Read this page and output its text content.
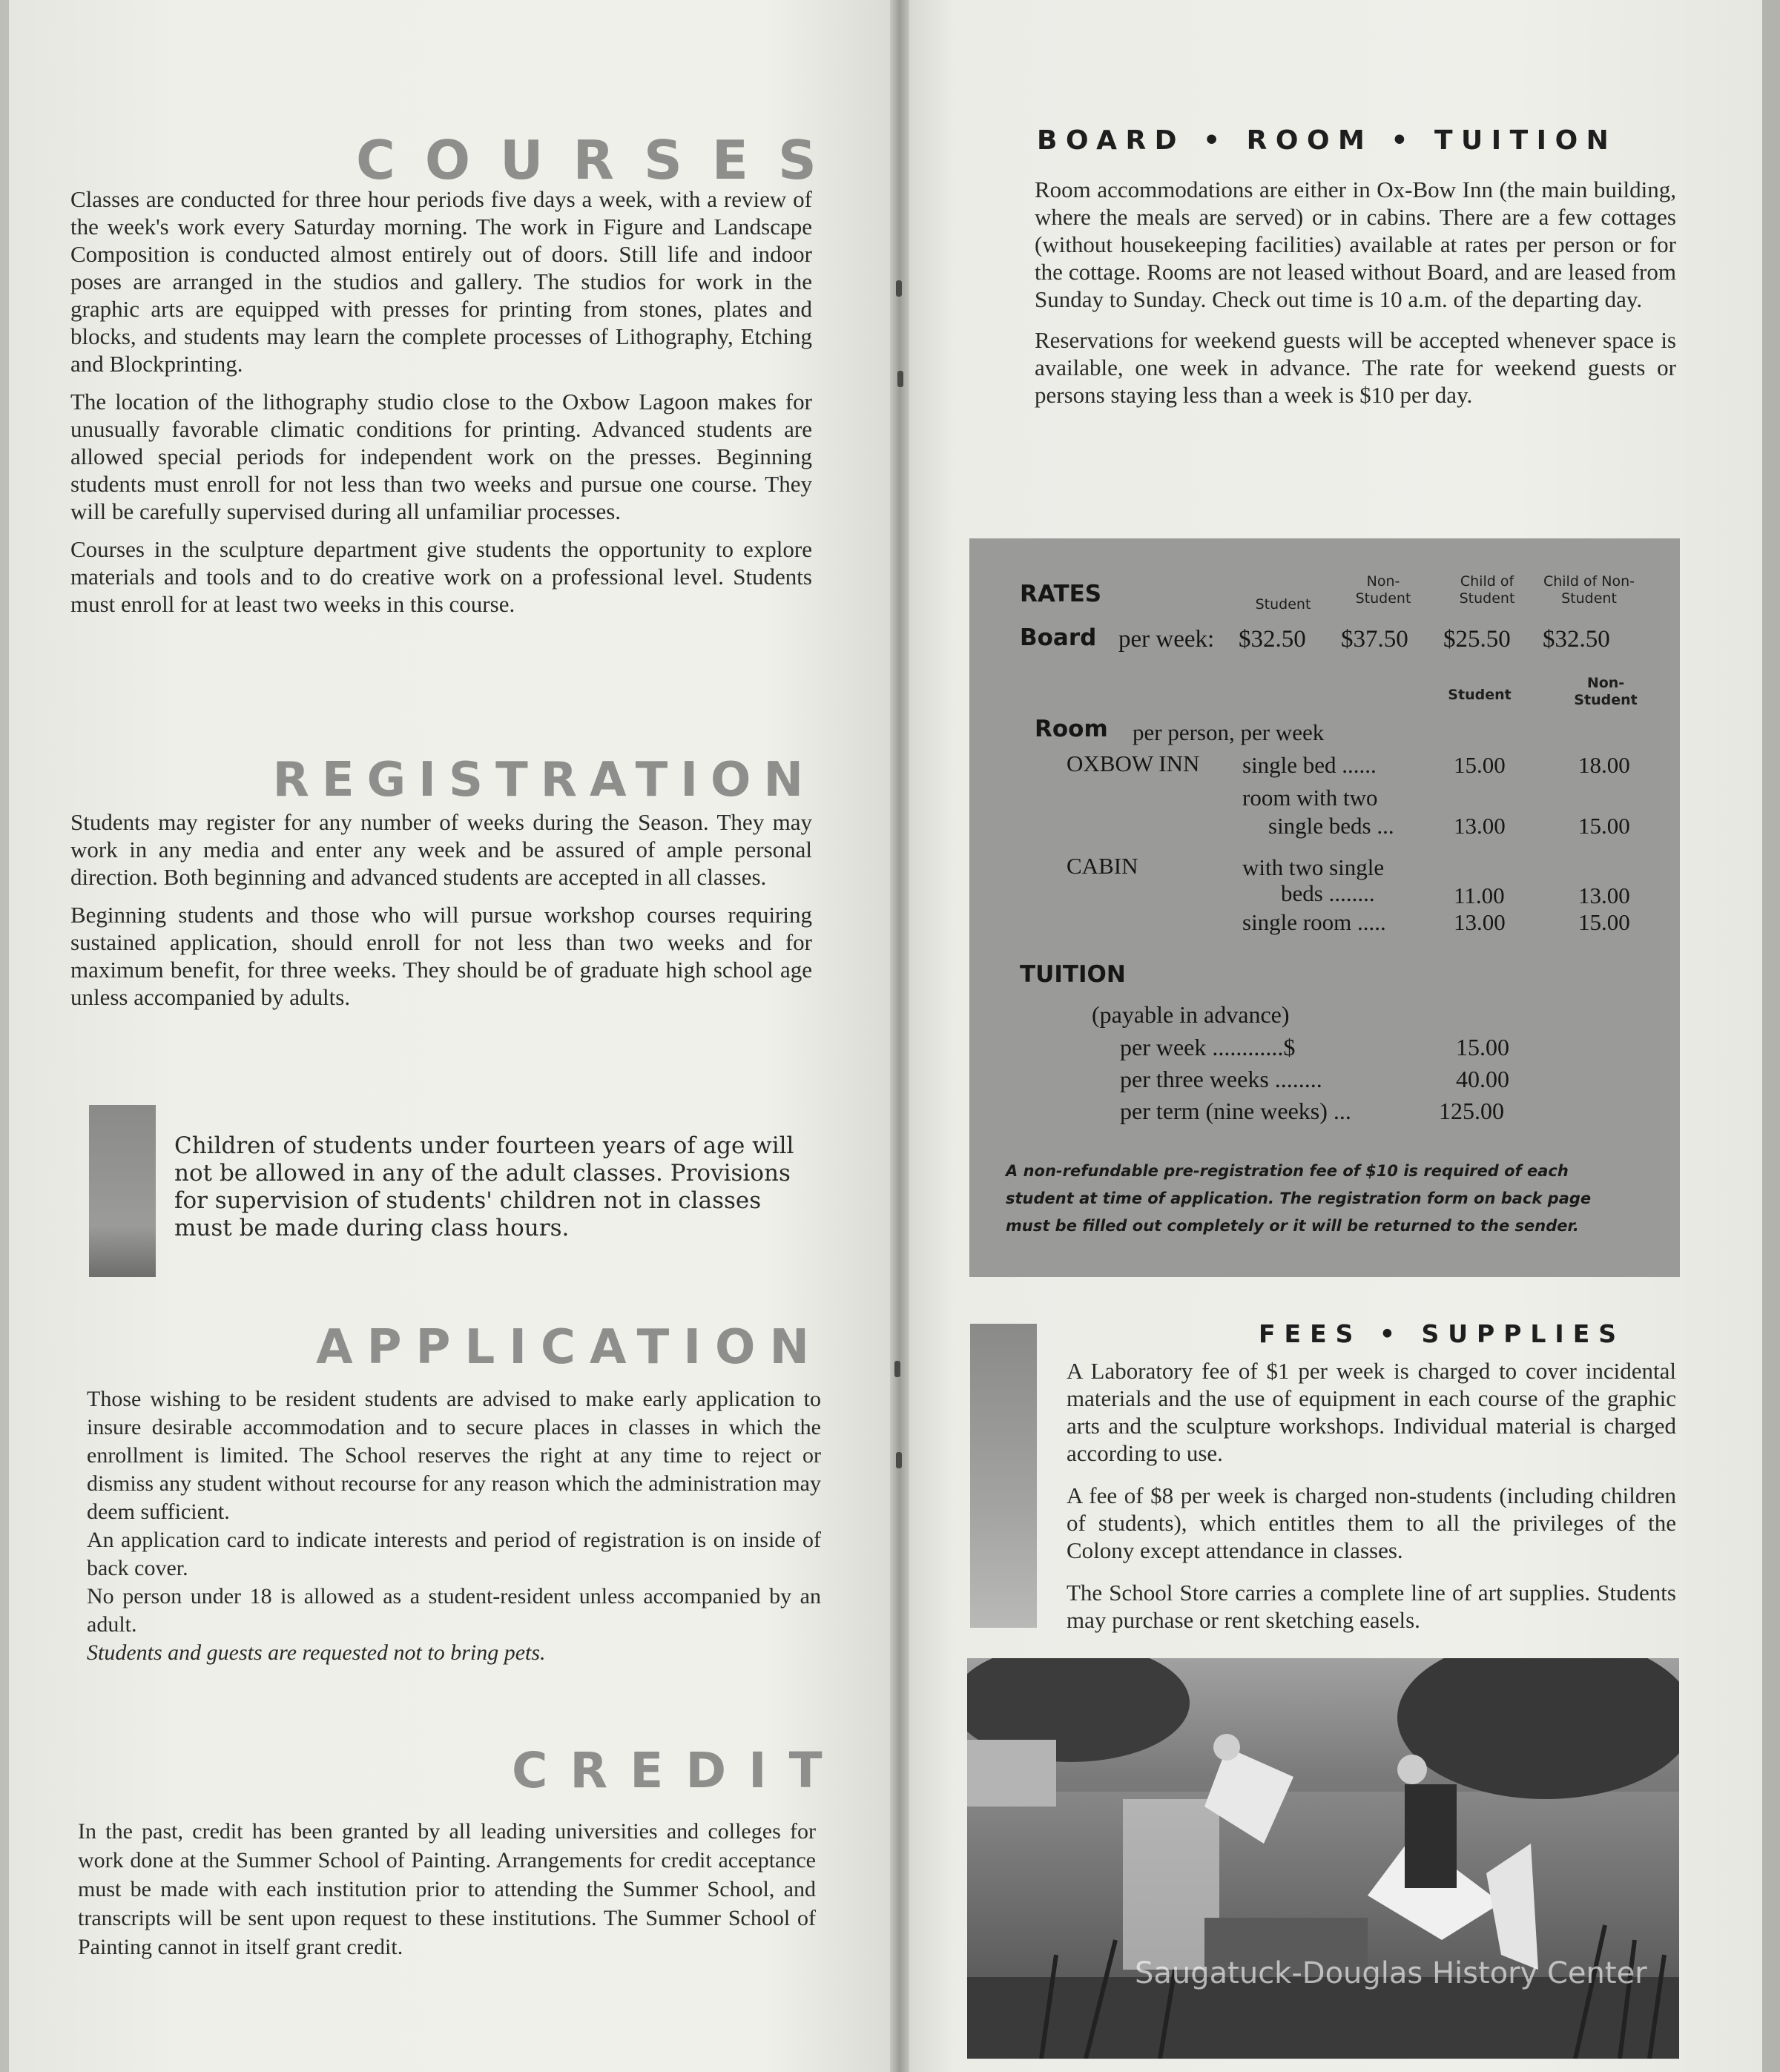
COURSES

Classes are conducted for three hour periods five days a week, with a review of the week's work every Saturday morning. The work in Figure and Landscape Composition is conducted almost entirely out of doors. Still life and indoor poses are arranged in the studios and gallery. The studios for work in the graphic arts are equipped with presses for printing from stones, plates and blocks, and students may learn the complete processes of Lithography, Etching and Blockprinting.

The location of the lithography studio close to the Oxbow Lagoon makes for unusually favorable climatic conditions for printing. Advanced students are allowed special periods for independent work on the presses. Beginning students must enroll for not less than two weeks and pursue one course. They will be carefully supervised during all unfamiliar processes.

Courses in the sculpture department give students the opportunity to explore materials and tools and to do creative work on a professional level. Students must enroll for at least two weeks in this course.

REGISTRATION

Students may register for any number of weeks during the Season. They may work in any media and enter any week and be assured of ample personal direction. Both beginning and advanced students are accepted in all classes.

Beginning students and those who will pursue workshop courses requiring sustained application, should enroll for not less than two weeks and for maximum benefit, for three weeks. They should be of graduate high school age unless accompanied by adults.

Children of students under fourteen years of age will not be allowed in any of the adult classes. Provisions for supervision of students' children not in classes must be made during class hours.
APPLICATION

Those wishing to be resident students are advised to make early application to insure desirable accommodation and to secure places in classes in which the enrollment is limited. The School reserves the right at any time to reject or dismiss any student without recourse for any reason which the administration may deem sufficient.

An application card to indicate interests and period of registration is on inside of back cover.

No person under 18 is allowed as a student-resident unless accompanied by an adult.

Students and guests are requested not to bring pets.

CREDIT
In the past, credit has been granted by all leading universities and colleges for work done at the Summer School of Painting. Arrangements for credit acceptance must be made with each institution prior to attending the Summer School, and transcripts will be sent upon request to these institutions. The Summer School of Painting cannot in itself grant credit.
BOARD • ROOM • TUITION

Room accommodations are either in Ox-Bow Inn (the main building, where the meals are served) or in cabins. There are a few cottages (without housekeeping facilities) available at rates per person or for the cottage. Rooms are not leased without Board, and are leased from Sunday to Sunday. Check out time is 10 a.m. of the departing day.

Reservations for weekend guests will be accepted whenever space is available, one week in advance. The rate for weekend guests or persons staying less than a week is $10 per day.

RATES	Student
Non-Student
Child of Student
Child of Non-Student
Board per week: $32.50 $37.50 $25.50 $32.50
Student
Non-Student
Room per person, per week
OXBOW INN single bed ......	15.00	18.00
room with two
single beds ...	13.00	15.00
CABIN	with two single
beds ........	11.00	13.00
single room .....	13.00	15.00
TUITION
(payable in advance)
per week ............$	15.00
per three weeks ........	40.00
per term (nine weeks) ...	125.00
A non-refundable pre-registration fee of $10 is required of each
student at time of application. The registration form on back page
must be filled out completely or it will be returned to the sender.
FEES • SUPPLIES

A Laboratory fee of $1 per week is charged to cover incidental materials and the use of equipment in each course of the graphic arts and the sculpture workshops. Individual material is charged according to use.

A fee of $8 per week is charged non-students (including children of students), which entitles them to all the privileges of the Colony except attendance in classes.

The School Store carries a complete line of art supplies. Students may purchase or rent sketching easels.

Saugatuck-Douglas History Center
